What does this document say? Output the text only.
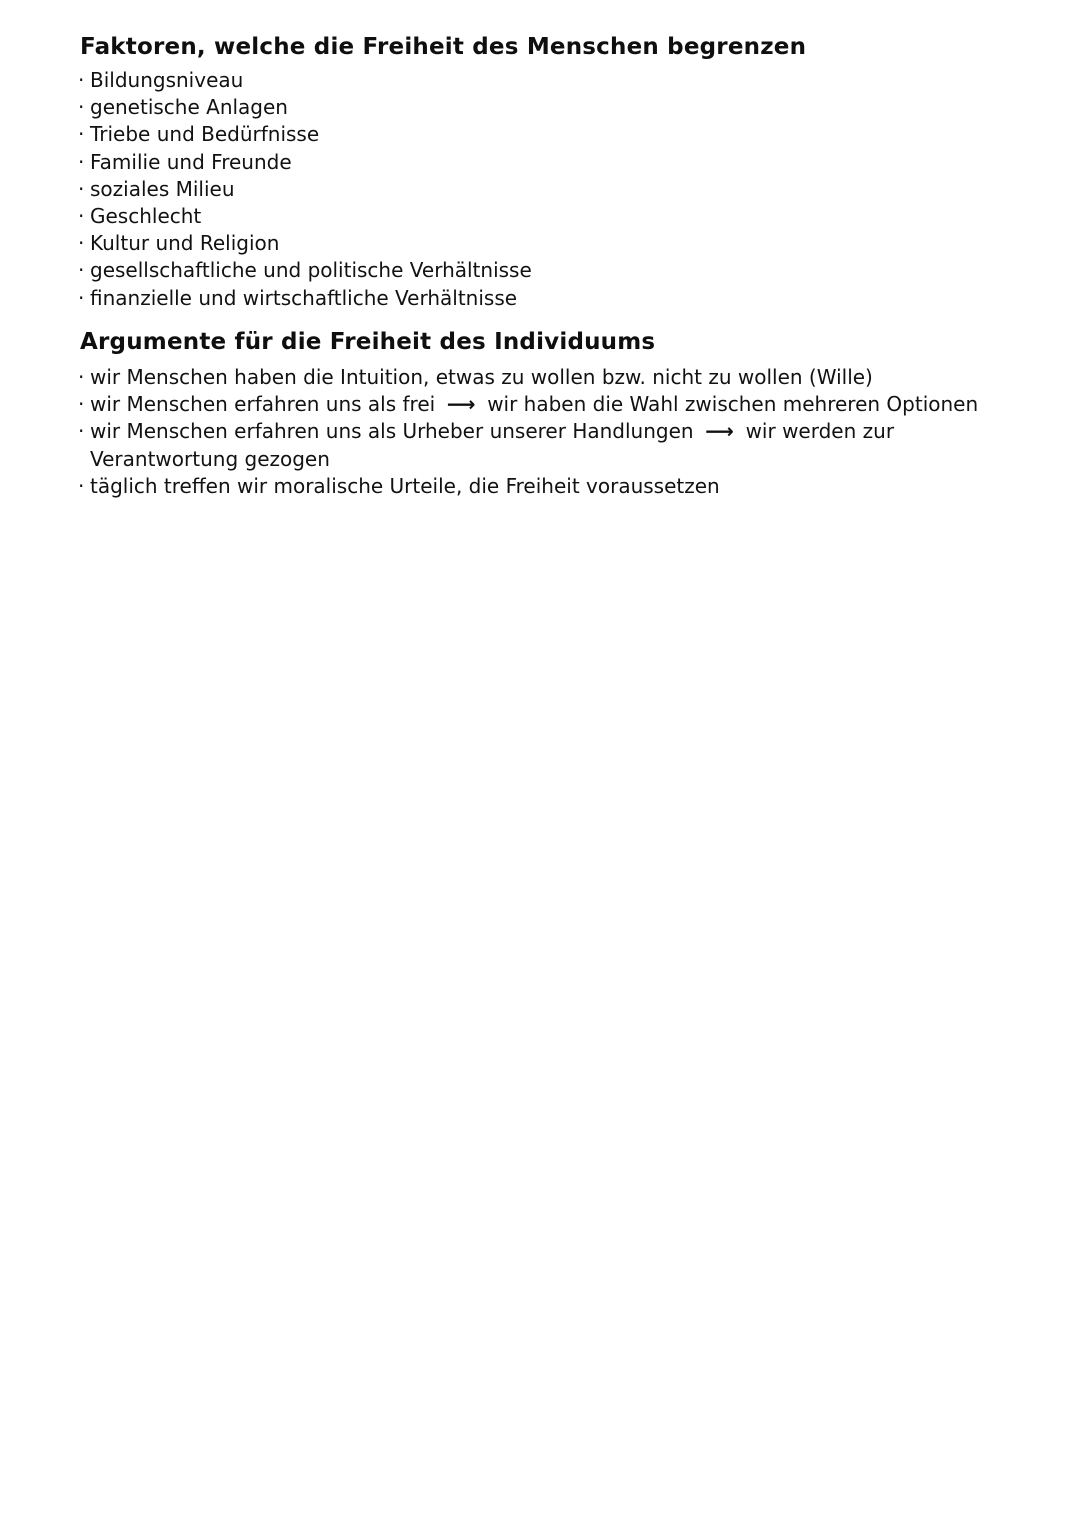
Faktoren, welche die Freiheit des Menschen begrenzen
· Bildungsniveau
· genetische Anlagen
· Triebe und Bedürfnisse
· Familie und Freunde
· soziales Milieu
· Geschlecht
· Kultur und Religion
· gesellschaftliche und politische Verhältnisse
· finanzielle und wirtschaftliche Verhältnisse
Argumente für die Freiheit des Individuums
· wir Menschen haben die Intuition, etwas zu wollen bzw. nicht zu wollen (Wille)
· wir Menschen erfahren uns als frei ⟶ wir haben die Wahl zwischen mehreren Optionen
· wir Menschen erfahren uns als Urheber unserer Handlungen ⟶ wir werden zur
Verantwortung gezogen
· täglich treffen wir moralische Urteile, die Freiheit voraussetzen
